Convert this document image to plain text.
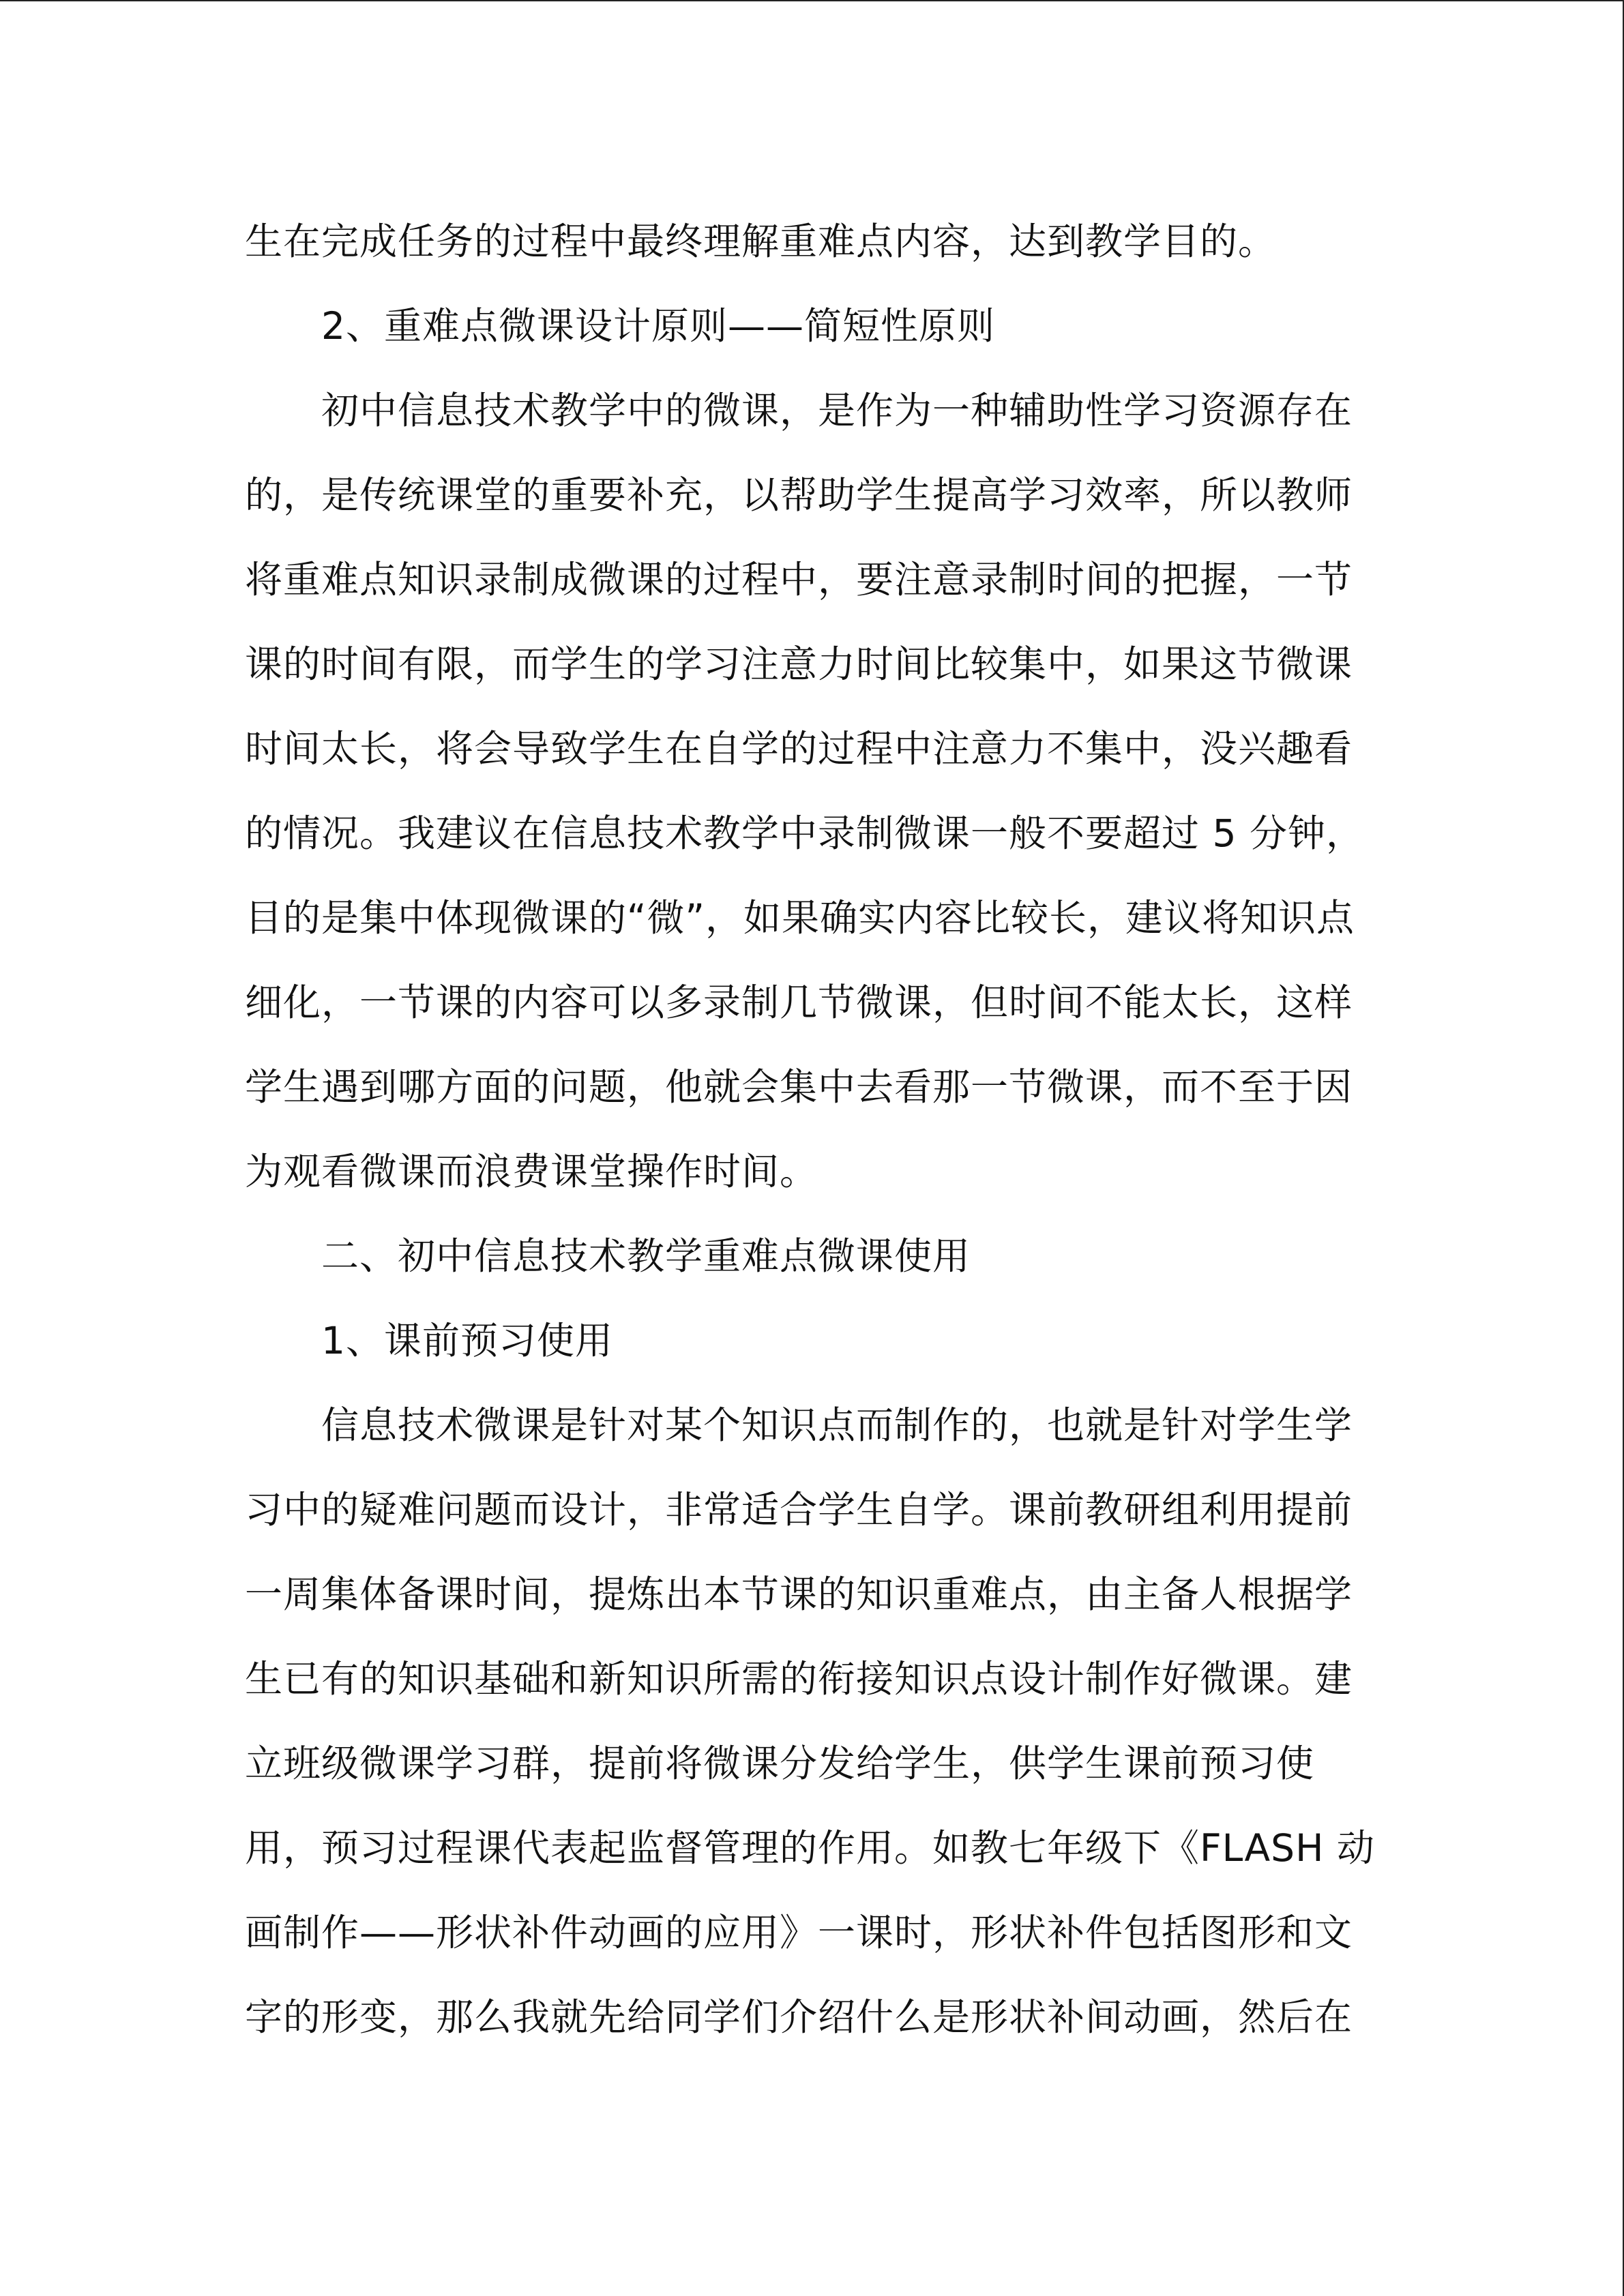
生在完成任务的过程中最终理解重难点内容，达到教学目的。
2、重难点微课设计原则——简短性原则
初中信息技术教学中的微课，是作为一种辅助性学习资源存在
的，是传统课堂的重要补充，以帮助学生提高学习效率，所以教师
将重难点知识录制成微课的过程中，要注意录制时间的把握，一节
课的时间有限，而学生的学习注意力时间比较集中，如果这节微课
时间太长，将会导致学生在自学的过程中注意力不集中，没兴趣看
的情况。我建议在信息技术教学中录制微课一般不要超过 5 分钟，
目的是集中体现微课的“微”，如果确实内容比较长，建议将知识点
细化，一节课的内容可以多录制几节微课，但时间不能太长，这样
学生遇到哪方面的问题，他就会集中去看那一节微课，而不至于因
为观看微课而浪费课堂操作时间。
二、初中信息技术教学重难点微课使用
1、课前预习使用
信息技术微课是针对某个知识点而制作的，也就是针对学生学
习中的疑难问题而设计，非常适合学生自学。课前教研组利用提前
一周集体备课时间，提炼出本节课的知识重难点，由主备人根据学
生已有的知识基础和新知识所需的衔接知识点设计制作好微课。建
立班级微课学习群，提前将微课分发给学生，供学生课前预习使
用，预习过程课代表起监督管理的作用。如教七年级下《FLASH 动
画制作——形状补件动画的应用》一课时，形状补件包括图形和文
字的形变，那么我就先给同学们介绍什么是形状补间动画，然后在
